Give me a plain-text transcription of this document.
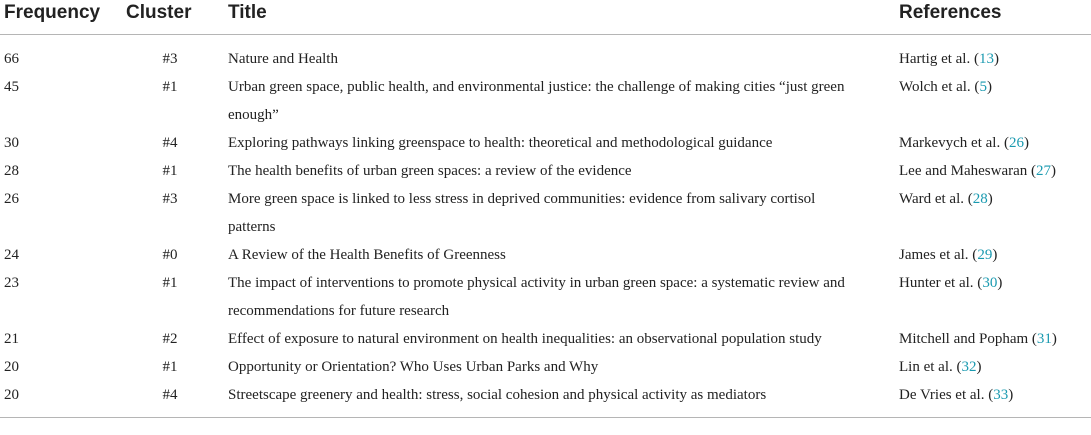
Frequency	Cluster	Title	References
66	#3	Nature and Health	Hartig et al. (13)
45	#1	Urban green space, public health, and environmental justice: the challenge of making cities “just green enough”	Wolch et al. (5)
30	#4	Exploring pathways linking greenspace to health: theoretical and methodological guidance	Markevych et al. (26)
28	#1	The health benefits of urban green spaces: a review of the evidence	Lee and Maheswaran (27)
26	#3	More green space is linked to less stress in deprived communities: evidence from salivary cortisol patterns	Ward et al. (28)
24	#0	A Review of the Health Benefits of Greenness	James et al. (29)
23	#1	The impact of interventions to promote physical activity in urban green space: a systematic review and recommendations for future research	Hunter et al. (30)
21	#2	Effect of exposure to natural environment on health inequalities: an observational population study	Mitchell and Popham (31)
20	#1	Opportunity or Orientation? Who Uses Urban Parks and Why	Lin et al. (32)
20	#4	Streetscape greenery and health: stress, social cohesion and physical activity as mediators	De Vries et al. (33)
